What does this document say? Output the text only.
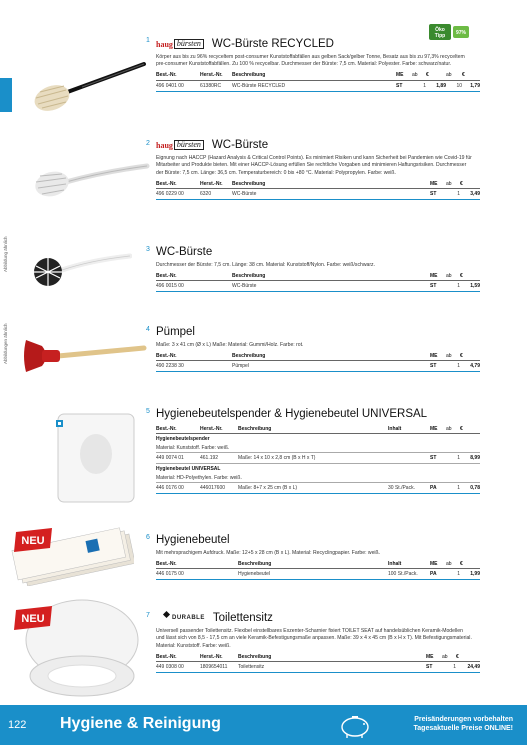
Abbildung ähnlich
Abbildungen ähnlich
Öko
Tipp 97%
NEU
NEU
1 haug bürsten WC-Bürste RECYCLED

Körper aus bis zu 96% recyceltem post-consumer Kunststoffabfällen aus gelben Sack/gelber Tonne, Besatz aus bis zu 97,3% recyceltem pre-consumer Kunststoffabfällen. Zu 100 % recycelbar. Durchmesser der Bürste: 7,5 cm. Material: Polyester. Farbe: schwarz/natur.

Best.-Nr.	Herst.-Nr.	Beschreibung	ME	ab	€	ab	€
496 0401 00	61380RC	WC-Bürste RECYCLED	ST	1	1,89	10	1,79
2 haug bürsten WC-Bürste

Eignung nach HACCP (Hazard Analysis & Critical Control Points). Es minimiert Risiken und kann Sicherheit bei Pandemien wie Covid-19 für Mitarbeiter und Produkte bieten. Mit einer HACCP-Lösung erfüllen Sie rechtliche Vorgaben und minimieren Haftungsrisiken. Durchmesser der Bürste: 7,5 cm. Länge: 36,5 cm. Temperaturbereich: 0 bis +80 °C. Material: Polypropylen. Farbe: weiß.

Best.-Nr.	Herst.-Nr.	Beschreibung	ME	ab	€
496 0229 00	6320	WC-Bürste	ST	1	3,49
3 WC-Bürste

Durchmesser der Bürste: 7,5 cm. Länge: 38 cm. Material: Kunststoff/Nylon. Farbe: weiß/schwarz.

Best.-Nr.	Beschreibung	ME	ab	€
496 0015 00	WC-Bürste	ST	1	1,59
4 Pümpel

Maße: 3 x 41 cm (Ø x L) Maße: Material: Gummi/Holz. Farbe: rot.

Best.-Nr.	Beschreibung	ME	ab	€
490 2238 30	Pümpel	ST	1	4,79
5 Hygienebeutelspender & Hygienebeutel UNIVERSAL
Best.-Nr.	Herst.-Nr.	Beschreibung	Inhalt	ME	ab	€
Hygienebeutelspender						
Material: Kunststoff. Farbe: weiß.						
449 0074 01	461.192	Maße: 14 x 10 x 2,8 cm (B x H x T)		ST	1	8,99
Hygienebeutel UNIVERSAL						
Material: HD-Polyethylen. Farbe: weiß.						
446 0176 00	446017600	Maße: 8+7 x 25 cm (B x L)	30 St./Pack.	PA	1	0,78
6 Hygienebeutel

Mit mehrsprachigem Aufdruck. Maße: 12+5 x 28 cm (B x L). Material: Recyclingpapier. Farbe: weiß.

Best.-Nr.	Beschreibung	Inhalt	ME	ab	€
446 0175 00	Hygienebeutel	100 St./Pack.	PA	1	1,99
7	DURABLE Toilettensitz

Universell passender Toilettensitz. Flexibel einstellbares Exzenter-Scharnier fixiert TOILET SEAT auf handelsüblichen Keramik-Modellen und lässt sich von 8,5 - 17,5 cm an viele Keramik-Befestigungsmaße anpassen. Maße: 39 x 4 x 45 cm (B x H x T). Mit Befestigungsmaterial. Material: Kunststoff. Farbe: weiß.

Best.-Nr.	Herst.-Nr.	Beschreibung	ME	ab	€
449 0308 00	1809654011	Toilettensitz	ST	1	24,49
122 Hygiene & Reinigung	Preisänderungen vorbehalten
Tagesaktuelle Preise ONLINE!
